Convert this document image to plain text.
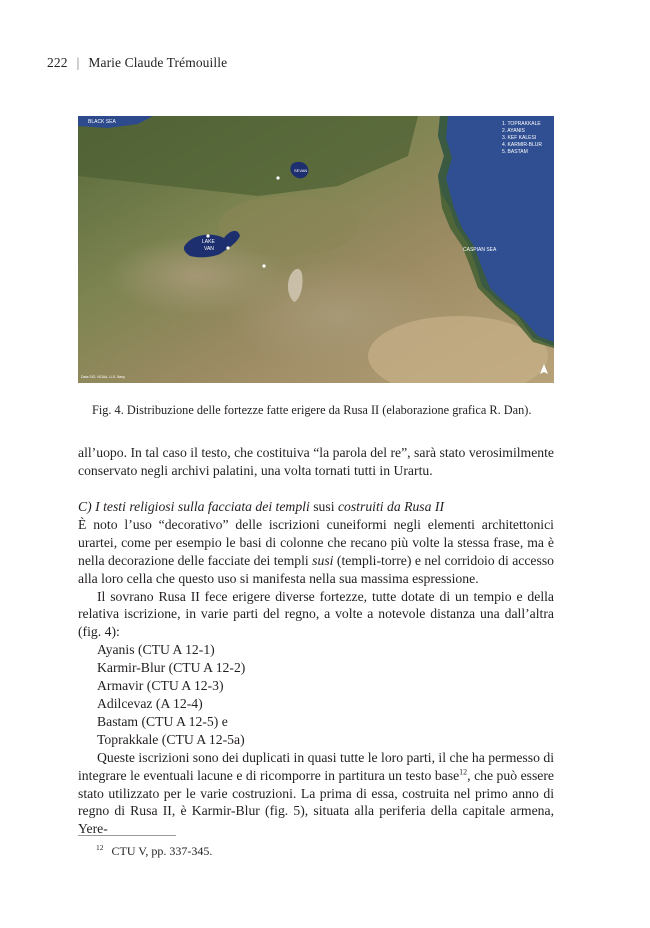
222 | Marie Claude Trémouille
BLACK SEA
CASPIAN SEA
LAKE
VAN
SEVAN
1. TOPRAKKALE
2. AYANIS
3. KEF KALESI
4. KARMIR-BLUR
5. BASTAM
Data SIO, NOAA, U.S. Navy
Fig. 4. Distribuzione delle fortezze fatte erigere da Rusa II (elaborazione grafica R. Dan).

all’uopo. In tal caso il testo, che costituiva “la parola del re”, sarà stato verosimilmente conservato negli archivi palatini, una volta tornati tutti in Urartu.

C) I testi religiosi sulla facciata dei templi susi costruiti da Rusa II

È noto l’uso “decorativo” delle iscrizioni cuneiformi negli elementi architettonici urartei, come per esempio le basi di colonne che recano più volte la stessa frase, ma è nella decorazione delle facciate dei templi susi (templi-torre) e nel corridoio di accesso alla loro cella che questo uso si manifesta nella sua massima espressione.

Il sovrano Rusa II fece erigere diverse fortezze, tutte dotate di un tempio e della relativa iscrizione, in varie parti del regno, a volte a notevole distanza una dall’altra (fig. 4):

Ayanis (CTU A 12-1)

Karmir-Blur (CTU A 12-2)

Armavir (CTU A 12-3)

Adilcevaz (A 12-4)

Bastam (CTU A 12-5) e

Toprakkale (CTU A 12-5a)

Queste iscrizioni sono dei duplicati in quasi tutte le loro parti, il che ha permesso di integrare le eventuali lacune e di ricomporre in partitura un testo base$^{12}$, che può essere stato utilizzato per le varie costruzioni. La prima di essa, costruita nel primo anno di regno di Rusa II, è Karmir-Blur (fig. 5), situata alla periferia della capitale armena, Yere-

$^{12}$ CTU V, pp. 337-345.
